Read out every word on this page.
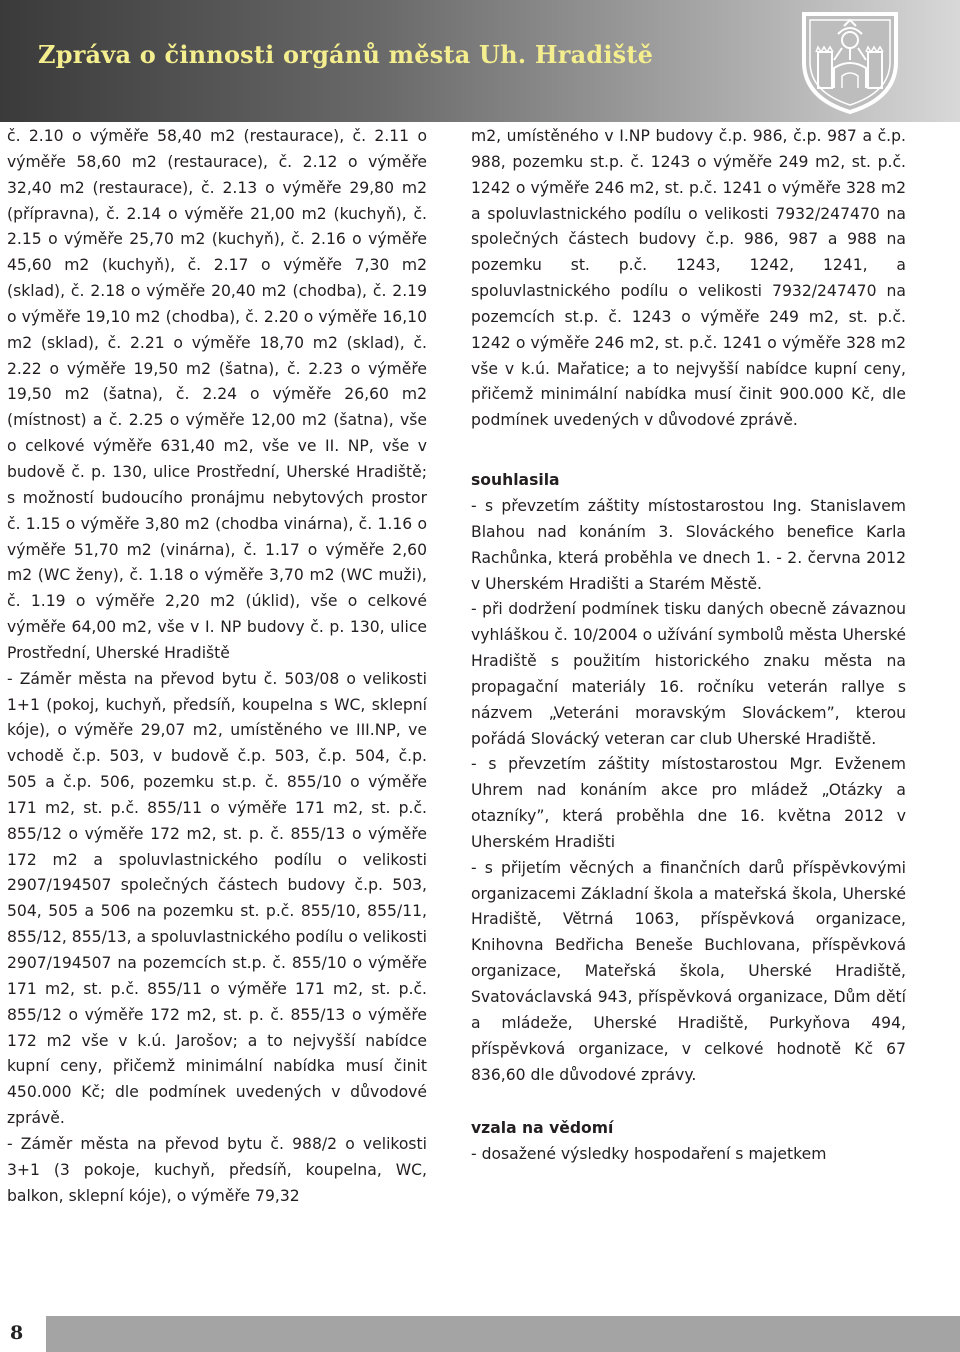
Zpráva o činnosti orgánů města Uh. Hradiště

č. 2.10 o výměře 58,40 m2 (restaurace), č. 2.11 o výměře 58,60 m2 (restaurace), č. 2.12 o výměře 32,40 m2 (restaurace), č. 2.13 o výměře 29,80 m2 (přípravna), č. 2.14 o výměře 21,00 m2 (kuchyň), č. 2.15 o výměře 25,70 m2 (kuchyň), č. 2.16 o výměře 45,60 m2 (kuchyň), č. 2.17 o výměře 7,30 m2 (sklad), č. 2.18 o výměře 20,40 m2 (chodba), č. 2.19 o výměře 19,10 m2 (chodba), č. 2.20 o výměře 16,10 m2 (sklad), č. 2.21 o výměře 18,70 m2 (sklad), č. 2.22 o výměře 19,50 m2 (šatna), č. 2.23 o výměře 19,50 m2 (šatna), č. 2.24 o výměře 26,60 m2 (místnost) a č. 2.25 o výměře 12,00 m2 (šatna), vše o celkové výměře 631,40 m2, vše ve II. NP, vše v budově č. p. 130, ulice Prostřední, Uherské Hradiště; s možností budoucího pronájmu nebytových prostor č. 1.15 o výměře 3,80 m2 (chodba vinárna), č. 1.16 o výměře 51,70 m2 (vinárna), č. 1.17 o výměře 2,60 m2 (WC ženy), č. 1.18 o výměře 3,70 m2 (WC muži), č. 1.19 o výměře 2,20 m2 (úklid), vše o celkové výměře 64,00 m2, vše v I. NP budovy č. p. 130, ulice Prostřední, Uherské Hradiště

- Záměr města na převod bytu č. 503/08 o velikosti 1+1 (pokoj, kuchyň, předsíň, koupelna s WC, sklepní kóje), o výměře 29,07 m2, umístěného ve III.NP, ve vchodě č.p. 503, v budově č.p. 503, č.p. 504, č.p. 505 a č.p. 506, pozemku st.p. č. 855/10 o výměře 171 m2, st. p.č. 855/11 o výměře 171 m2, st. p.č. 855/12 o výměře 172 m2, st. p. č. 855/13 o výměře 172 m2 a spoluvlastnického podílu o velikosti 2907/194507 společných částech budovy č.p. 503, 504, 505 a 506 na pozemku st. p.č. 855/10, 855/11, 855/12, 855/13, a spoluvlastnického podílu o velikosti 2907/194507 na pozemcích st.p. č. 855/10 o výměře 171 m2, st. p.č. 855/11 o výměře 171 m2, st. p.č. 855/12 o výměře 172 m2, st. p. č. 855/13 o výměře 172 m2 vše v k.ú. Jarošov; a to nejvyšší nabídce kupní ceny, přičemž minimální nabídka musí činit 450.000 Kč; dle podmínek uvedených v důvodové zprávě.

- Záměr města na převod bytu č. 988/2 o velikosti 3+1 (3 pokoje, kuchyň, předsíň, koupelna, WC, balkon, sklepní kóje), o výměře 79,32

m2, umístěného v I.NP budovy č.p. 986, č.p. 987 a č.p. 988, pozemku st.p. č. 1243 o výměře 249 m2, st. p.č. 1242 o výměře 246 m2, st. p.č. 1241 o výměře 328 m2 a spoluvlastnického podílu o velikosti 7932/247470 na společných částech budovy č.p. 986, 987 a 988 na pozemku st. p.č. 1243, 1242, 1241, a spoluvlastnického podílu o velikosti 7932/247470 na pozemcích st.p. č. 1243 o výměře 249 m2, st. p.č. 1242 o výměře 246 m2, st. p.č. 1241 o výměře 328 m2 vše v k.ú. Mařatice; a to nejvyšší nabídce kupní ceny, přičemž minimální nabídka musí činit 900.000 Kč, dle podmínek uvedených v důvodové zprávě.

souhlasila

- s převzetím záštity místostarostou Ing. Stanislavem Blahou nad konáním 3. Slováckého benefice Karla Rachůnka, která proběhla ve dnech 1. - 2. června 2012 v Uherském Hradišti a Starém Městě.

- při dodržení podmínek tisku daných obecně závaznou vyhláškou č. 10/2004 o užívání symbolů města Uherské Hradiště s použitím historického znaku města na propagační materiály 16. ročníku veterán rallye s názvem „Veteráni moravským Slováckem”, kterou pořádá Slovácký veteran car club Uherské Hradiště.

- s převzetím záštity místostarostou Mgr. Evženem Uhrem nad konáním akce pro mládež „Otázky a otazníky”, která proběhla dne 16. května 2012 v Uherském Hradišti

- s přijetím věcných a finančních darů příspěvkovými organizacemi Základní škola a mateřská škola, Uherské Hradiště, Větrná 1063, příspěvková organizace, Knihovna Bedřicha Beneše Buchlovana, příspěvková organizace, Mateřská škola, Uherské Hradiště, Svatováclavská 943, příspěvková organizace, Dům dětí a mládeže, Uherské Hradiště, Purkyňova 494, příspěvková organizace, v celkové hodnotě Kč 67 836,60 dle důvodové zprávy.

vzala na vědomí

- dosažené výsledky hospodaření s majetkem

8
